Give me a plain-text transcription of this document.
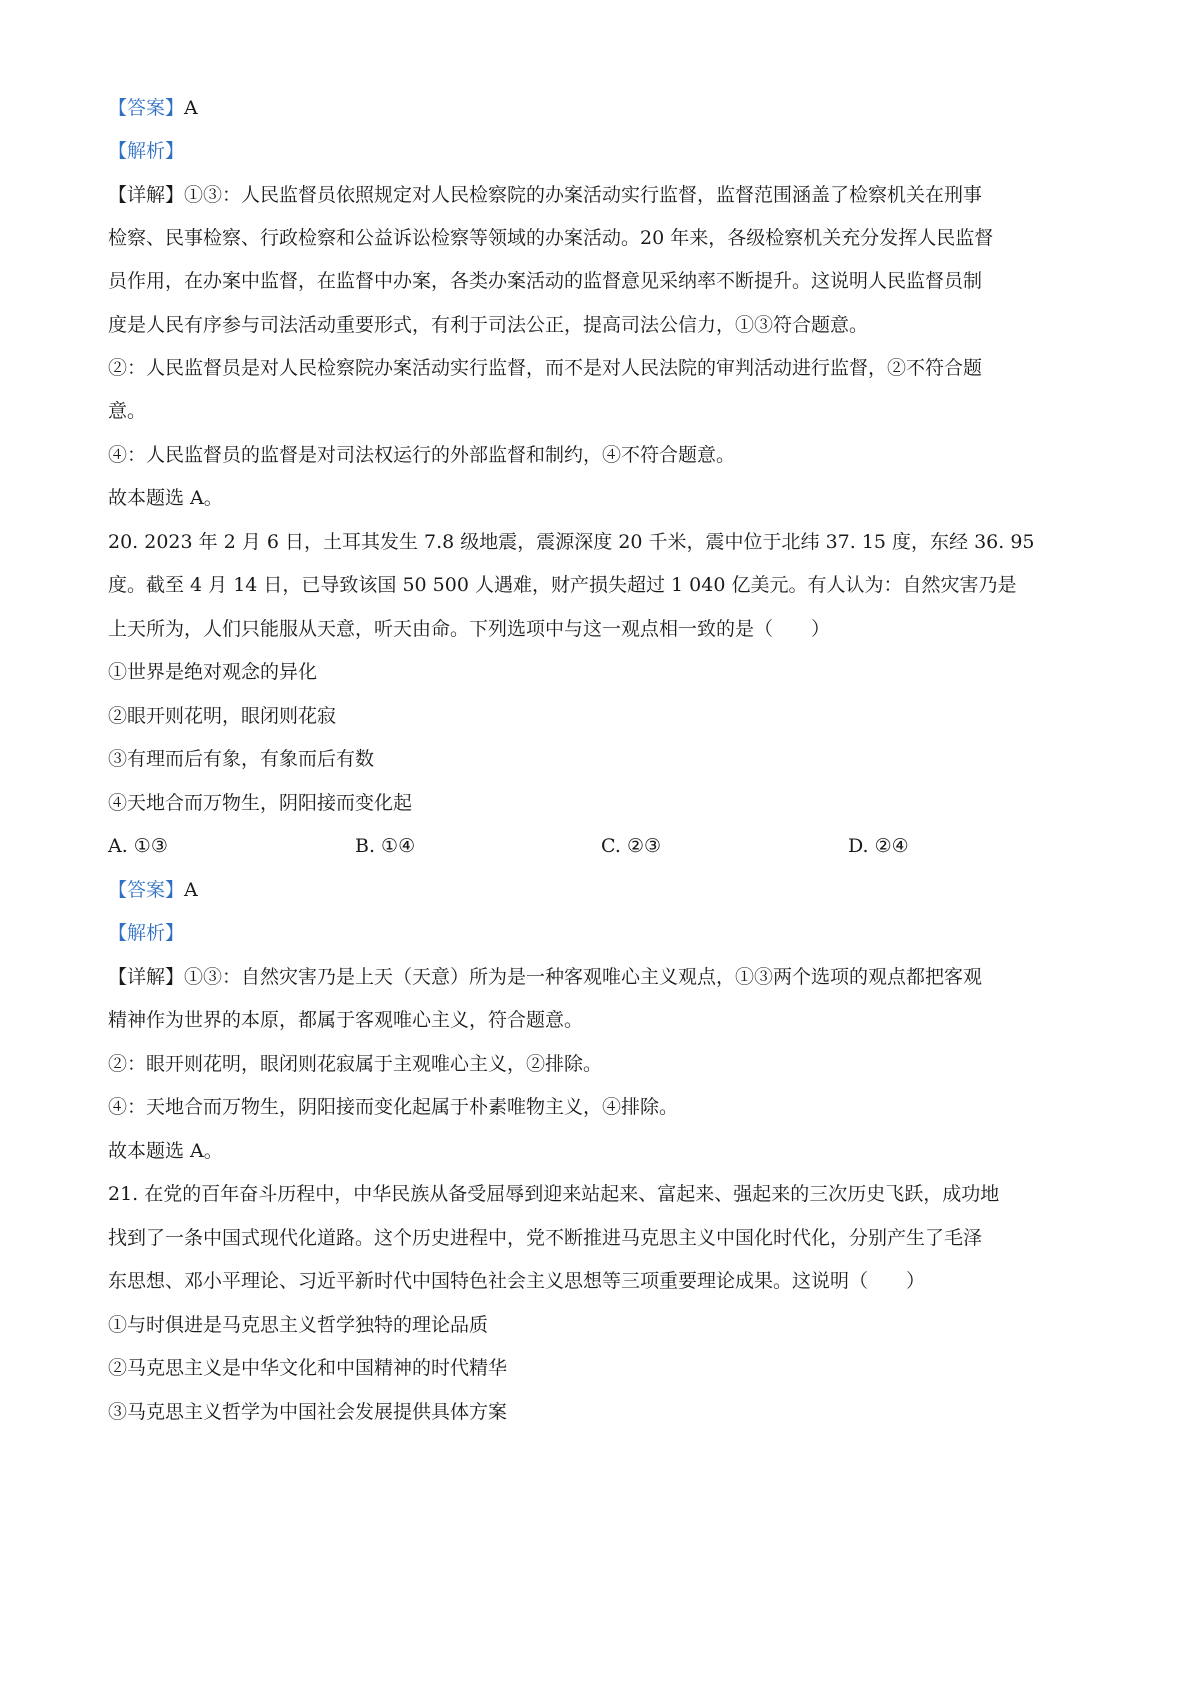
【答案】A
【解析】
【详解】①③：人民监督员依照规定对人民检察院的办案活动实行监督，监督范围涵盖了检察机关在刑事
检察、民事检察、行政检察和公益诉讼检察等领域的办案活动。20 年来，各级检察机关充分发挥人民监督
员作用，在办案中监督，在监督中办案，各类办案活动的监督意见采纳率不断提升。这说明人民监督员制
度是人民有序参与司法活动重要形式，有利于司法公正，提高司法公信力，①③符合题意。
②：人民监督员是对人民检察院办案活动实行监督，而不是对人民法院的审判活动进行监督，②不符合题
意。
④：人民监督员的监督是对司法权运行的外部监督和制约，④不符合题意。
故本题选 A。
20. 2023 年 2 月 6 日，土耳其发生 7.8 级地震，震源深度 20 千米，震中位于北纬 37. 15 度，东经 36. 95
度。截至 4 月 14 日，已导致该国 50 500 人遇难，财产损失超过 1 040 亿美元。有人认为：自然灾害乃是
上天所为，人们只能服从天意，听天由命。下列选项中与这一观点相一致的是（　　）
①世界是绝对观念的异化
②眼开则花明，眼闭则花寂
③有理而后有象，有象而后有数
④天地合而万物生，阴阳接而变化起
A. ①③	B. ①④	C. ②③	D. ②④
【答案】A
【解析】
【详解】①③：自然灾害乃是上天（天意）所为是一种客观唯心主义观点，①③两个选项的观点都把客观
精神作为世界的本原，都属于客观唯心主义，符合题意。
②：眼开则花明，眼闭则花寂属于主观唯心主义，②排除。
④：天地合而万物生，阴阳接而变化起属于朴素唯物主义，④排除。
故本题选 A。
21. 在党的百年奋斗历程中，中华民族从备受屈辱到迎来站起来、富起来、强起来的三次历史飞跃，成功地
找到了一条中国式现代化道路。这个历史进程中，党不断推进马克思主义中国化时代化，分别产生了毛泽
东思想、邓小平理论、习近平新时代中国特色社会主义思想等三项重要理论成果。这说明（　　）
①与时俱进是马克思主义哲学独特的理论品质
②马克思主义是中华文化和中国精神的时代精华
③马克思主义哲学为中国社会发展提供具体方案
